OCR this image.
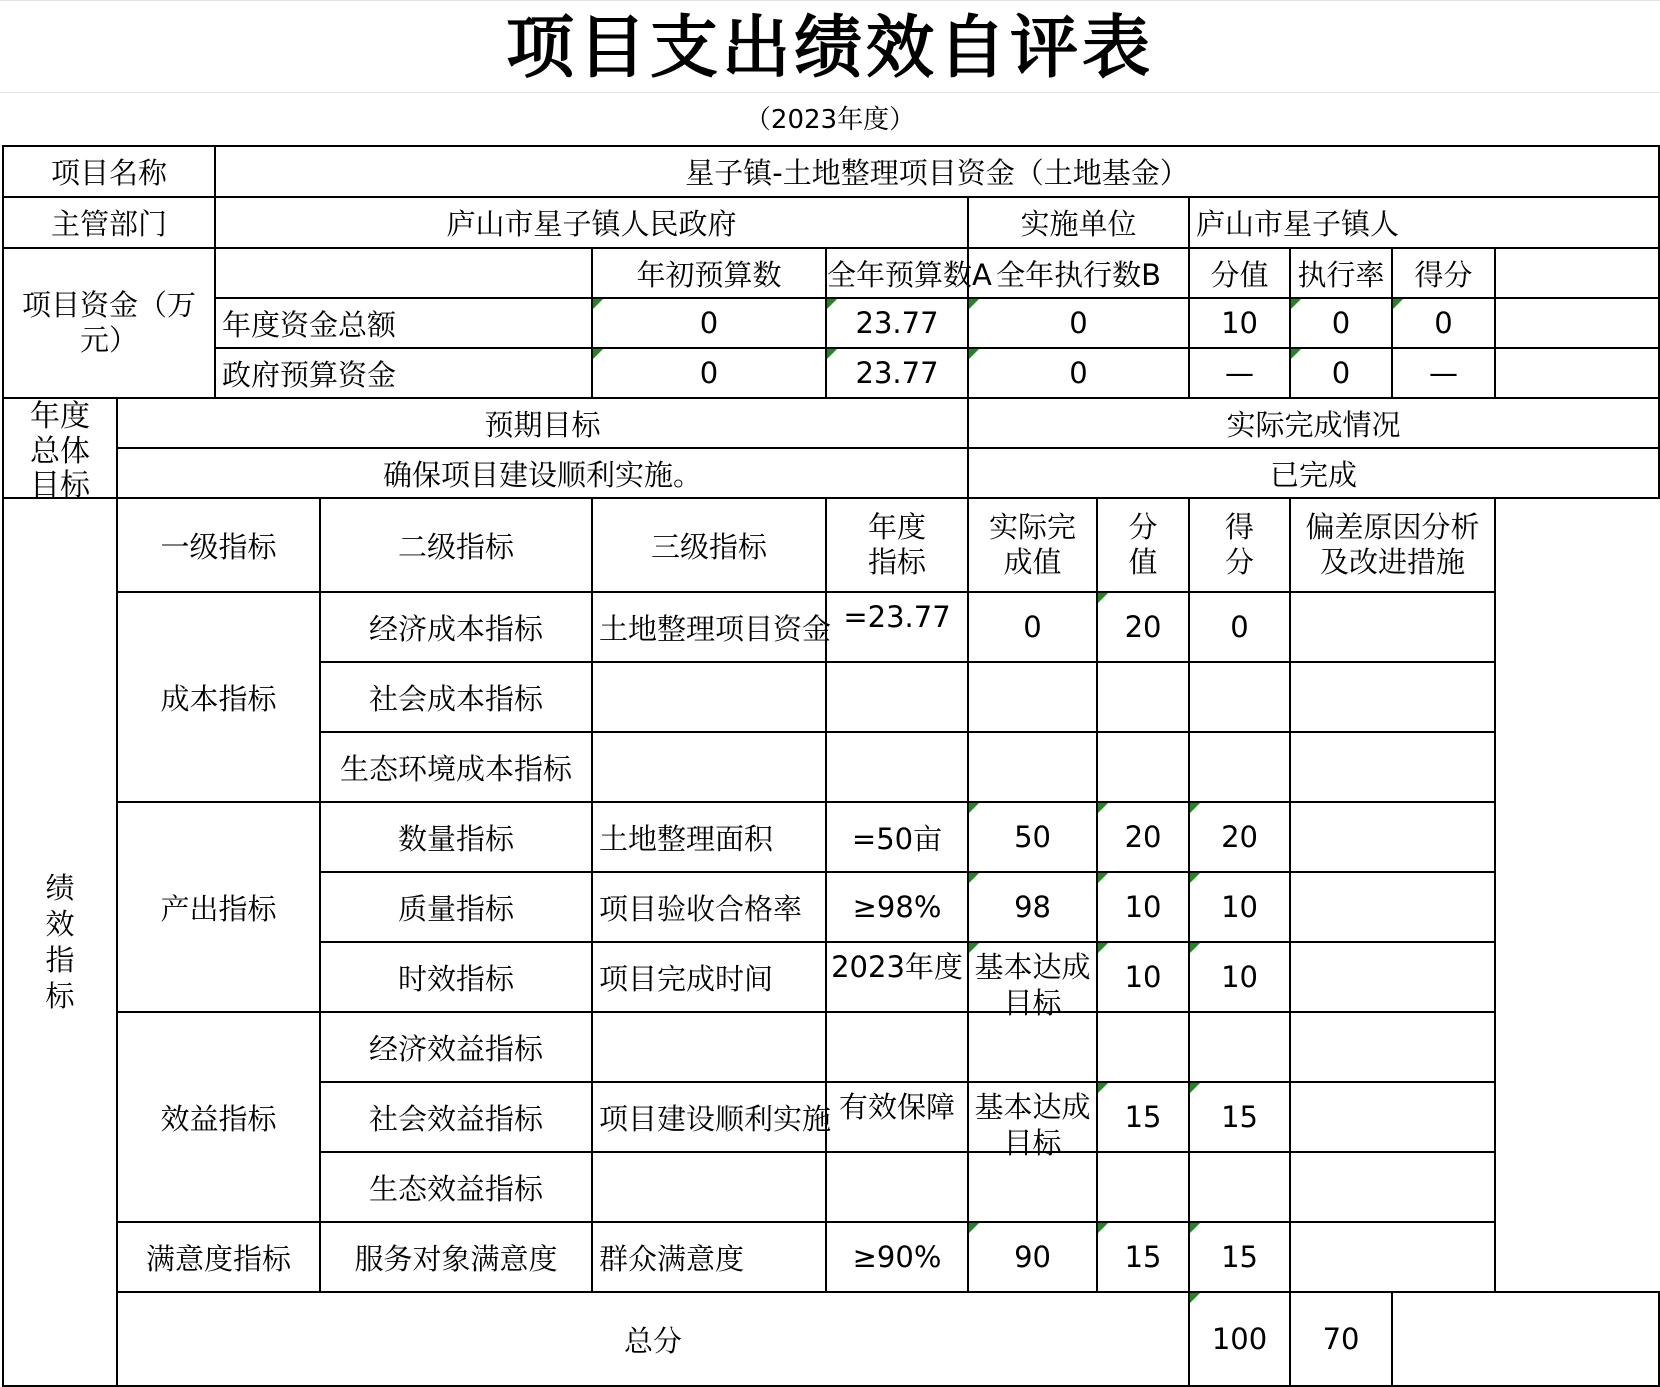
项目支出绩效自评表
（2023年度）
项目名称		星子镇-土地整理项目资金（土地基金）									
主管部门		庐山市星子镇人民政府				实施单位		庐山市星子镇人			
项目资金（万元）				年初预算数	全年预算数A	全年执行数B		分值	执行率	得分	
		年度资金总额		0	23.77	0		10	0	0	
		政府预算资金		0	23.77	0		—	0	—	

年度总体目标	预期目标					实际完成情况					
	确保项目建设顺利实施。					已完成					
绩效指标	一级指标		二级指标	三级指标	年度指标	实际完成值	分值	得分	偏差原因分析及改进措施		
	成本指标		经济成本指标	土地整理项目资金	=23.77	0	20	0			
			社会成本指标								
			生态环境成本指标								
	产出指标		数量指标	土地整理面积	=50亩	50	20	20			
			质量指标	项目验收合格率	≥98%	98	10	10			
			时效指标	项目完成时间	2023年度	基本达成目标	10	10			
	效益指标		经济效益指标								
			社会效益指标	项目建设顺利实施	有效保障	基本达成目标	15	15			
			生态效益指标								
	满意度指标		服务对象满意度	群众满意度	≥90%	90	15	15			
	总分							100	70		
